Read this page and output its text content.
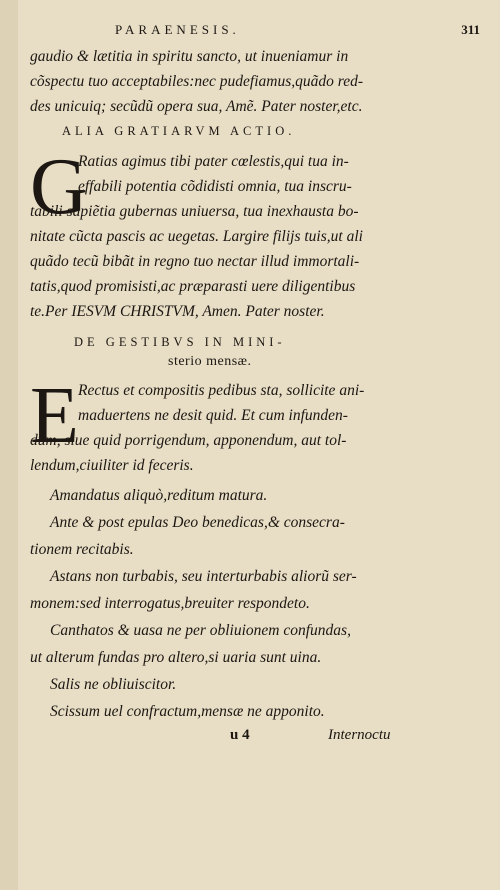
PARAENESIS.	311
gaudio & lætitia in spiritu sancto, ut inueniamur in
cõspectu tuo acceptabiles:nec pudefiamus,quãdo red-
des unicuiq; secũdũ opera sua, Amẽ. Pater noster,etc.
ALIA GRATIARVM ACTIO.
G
Ratias agimus tibi pater cœlestis,qui tua in-
effabili potentia cõdidisti omnia, tua inscru-
tabili sapiẽtia gubernas uniuersa, tua inexhausta bo-
nitate cũcta pascis ac uegetas. Largire filijs tuis,ut ali
quãdo tecũ bibãt in regno tuo nectar illud immortali-
tatis,quod promisisti,ac præparasti uere diligentibus
te.Per IESVM CHRISTVM, Amen. Pater noster.
DE GESTIBVS IN MINI-
sterio mensæ.
E Rectus et compositis pedibus sta, sollicite ani-
maduertens ne desit quid. Et cum infunden-
dum, siue quid porrigendum, apponendum, aut tol-
lendum,ciuiliter id feceris.
Amandatus aliquò,reditum matura.
Ante & post epulas Deo benedicas,& consecra-
tionem recitabis.
Astans non turbabis, seu interturbabis aliorũ ser-
monem:sed interrogatus,breuiter respondeto.
Canthatos & uasa ne per obliuionem confundas,
ut alterum fundas pro altero,si uaria sunt uina.
Salis ne obliuiscitor.
Scissum uel confractum,mensæ ne apponito.
u 4	Internoctu
